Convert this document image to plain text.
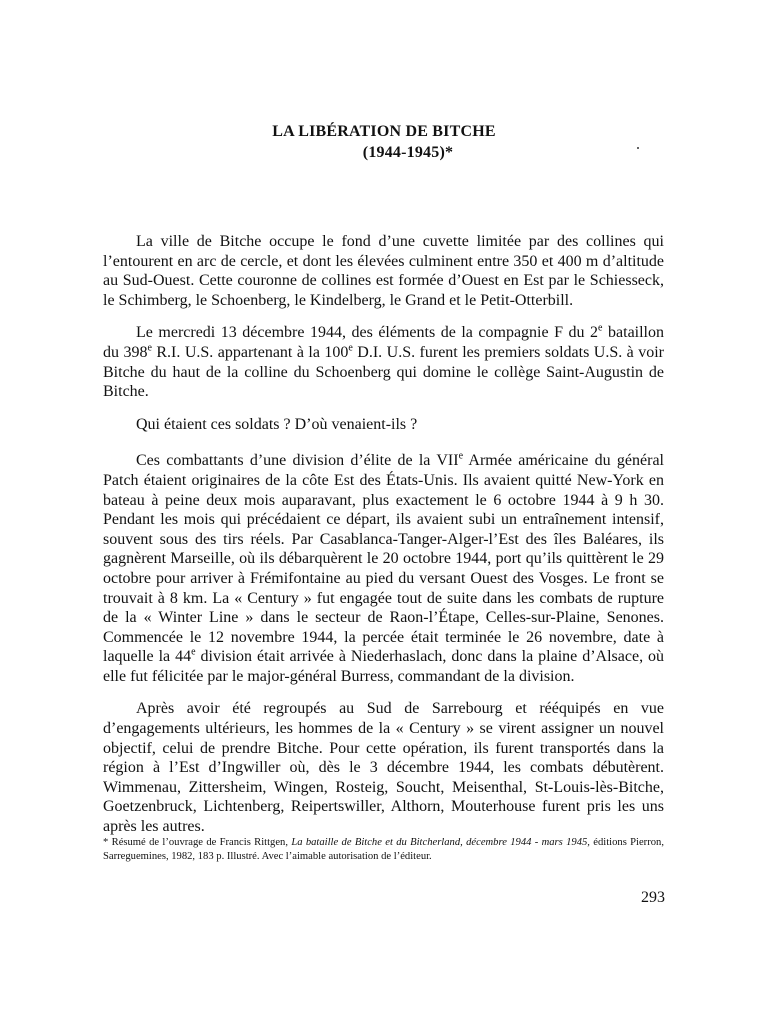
LA LIBÉRATION DE BITCHE
(1944-1945)*

La ville de Bitche occupe le fond d’une cuvette limitée par des collines qui l’entourent en arc de cercle, et dont les élevées culminent entre 350 et 400 m d’altitude au Sud-Ouest. Cette couronne de collines est formée d’Ouest en Est par le Schiesseck, le Schimberg, le Schoenberg, le Kindelberg, le Grand et le Petit-Otterbill.

Le mercredi 13 décembre 1944, des éléments de la compagnie F du 2e bataillon du 398e R.I. U.S. appartenant à la 100e D.I. U.S. furent les premiers soldats U.S. à voir Bitche du haut de la colline du Schoenberg qui domine le collège Saint-Augustin de Bitche.

Qui étaient ces soldats ? D’où venaient-ils ?

Ces combattants d’une division d’élite de la VIIe Armée américaine du général Patch étaient originaires de la côte Est des États-Unis. Ils avaient quitté New-York en bateau à peine deux mois auparavant, plus exactement le 6 octobre 1944 à 9 h 30. Pendant les mois qui précédaient ce départ, ils avaient subi un entraînement intensif, souvent sous des tirs réels. Par Casablanca-Tanger-Alger-l’Est des îles Baléares, ils gagnèrent Marseille, où ils débarquèrent le 20 octobre 1944, port qu’ils quittèrent le 29 octobre pour arriver à Frémifontaine au pied du versant Ouest des Vosges. Le front se trouvait à 8 km. La « Century » fut engagée tout de suite dans les combats de rupture de la « Winter Line » dans le secteur de Raon-l’Étape, Celles-sur-Plaine, Senones. Commencée le 12 novembre 1944, la percée était terminée le 26 novembre, date à laquelle la 44e division était arrivée à Niederhaslach, donc dans la plaine d’Alsace, où elle fut félicitée par le major-général Burress, commandant de la division.

Après avoir été regroupés au Sud de Sarrebourg et rééquipés en vue d’engagements ultérieurs, les hommes de la « Century » se virent assigner un nouvel objectif, celui de prendre Bitche. Pour cette opération, ils furent transportés dans la région à l’Est d’Ingwiller où, dès le 3 décembre 1944, les combats débutèrent. Wimmenau, Zittersheim, Wingen, Rosteig, Soucht, Meisenthal, St-Louis-lès-Bitche, Goetzenbruck, Lichtenberg, Reipertswiller, Althorn, Mouterhouse furent pris les uns après les autres.

* Résumé de l’ouvrage de Francis Rittgen, La bataille de Bitche et du Bitcherland, décembre 1944 - mars 1945, éditions Pierron, Sarreguemines, 1982, 183 p. Illustré. Avec l’aimable autorisation de l’éditeur.
293
